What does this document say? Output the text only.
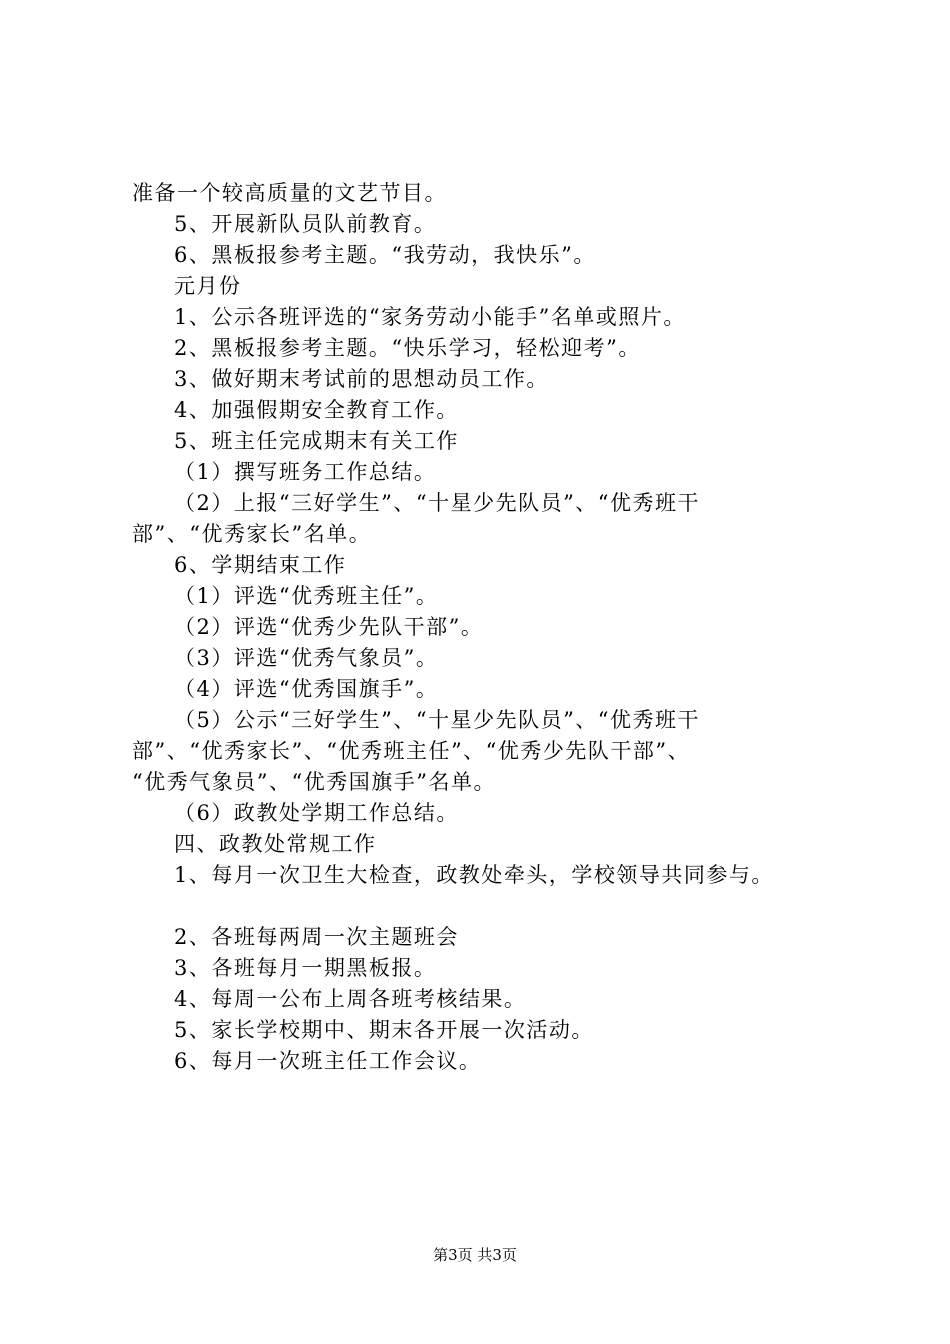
准备一个较高质量的文艺节目。
5、开展新队员队前教育。
6、黑板报参考主题。“我劳动，我快乐”。
元月份
1、公示各班评选的“家务劳动小能手”名单或照片。
2、黑板报参考主题。“快乐学习，轻松迎考”。
3、做好期末考试前的思想动员工作。
4、加强假期安全教育工作。
5、班主任完成期末有关工作
（1）撰写班务工作总结。
（2）上报“三好学生”、“十星少先队员”、“优秀班干
部”、“优秀家长”名单。
6、学期结束工作
（1）评选“优秀班主任”。
（2）评选“优秀少先队干部”。
（3）评选“优秀气象员”。
（4）评选“优秀国旗手”。
（5）公示“三好学生”、“十星少先队员”、“优秀班干
部”、“优秀家长”、“优秀班主任”、“优秀少先队干部”、
“优秀气象员”、“优秀国旗手”名单。
（6）政教处学期工作总结。
四、政教处常规工作
1、每月一次卫生大检查，政教处牵头，学校领导共同参与。
2、各班每两周一次主题班会
3、各班每月一期黑板报。
4、每周一公布上周各班考核结果。
5、家长学校期中、期末各开展一次活动。
6、每月一次班主任工作会议。
第3页 共3页
